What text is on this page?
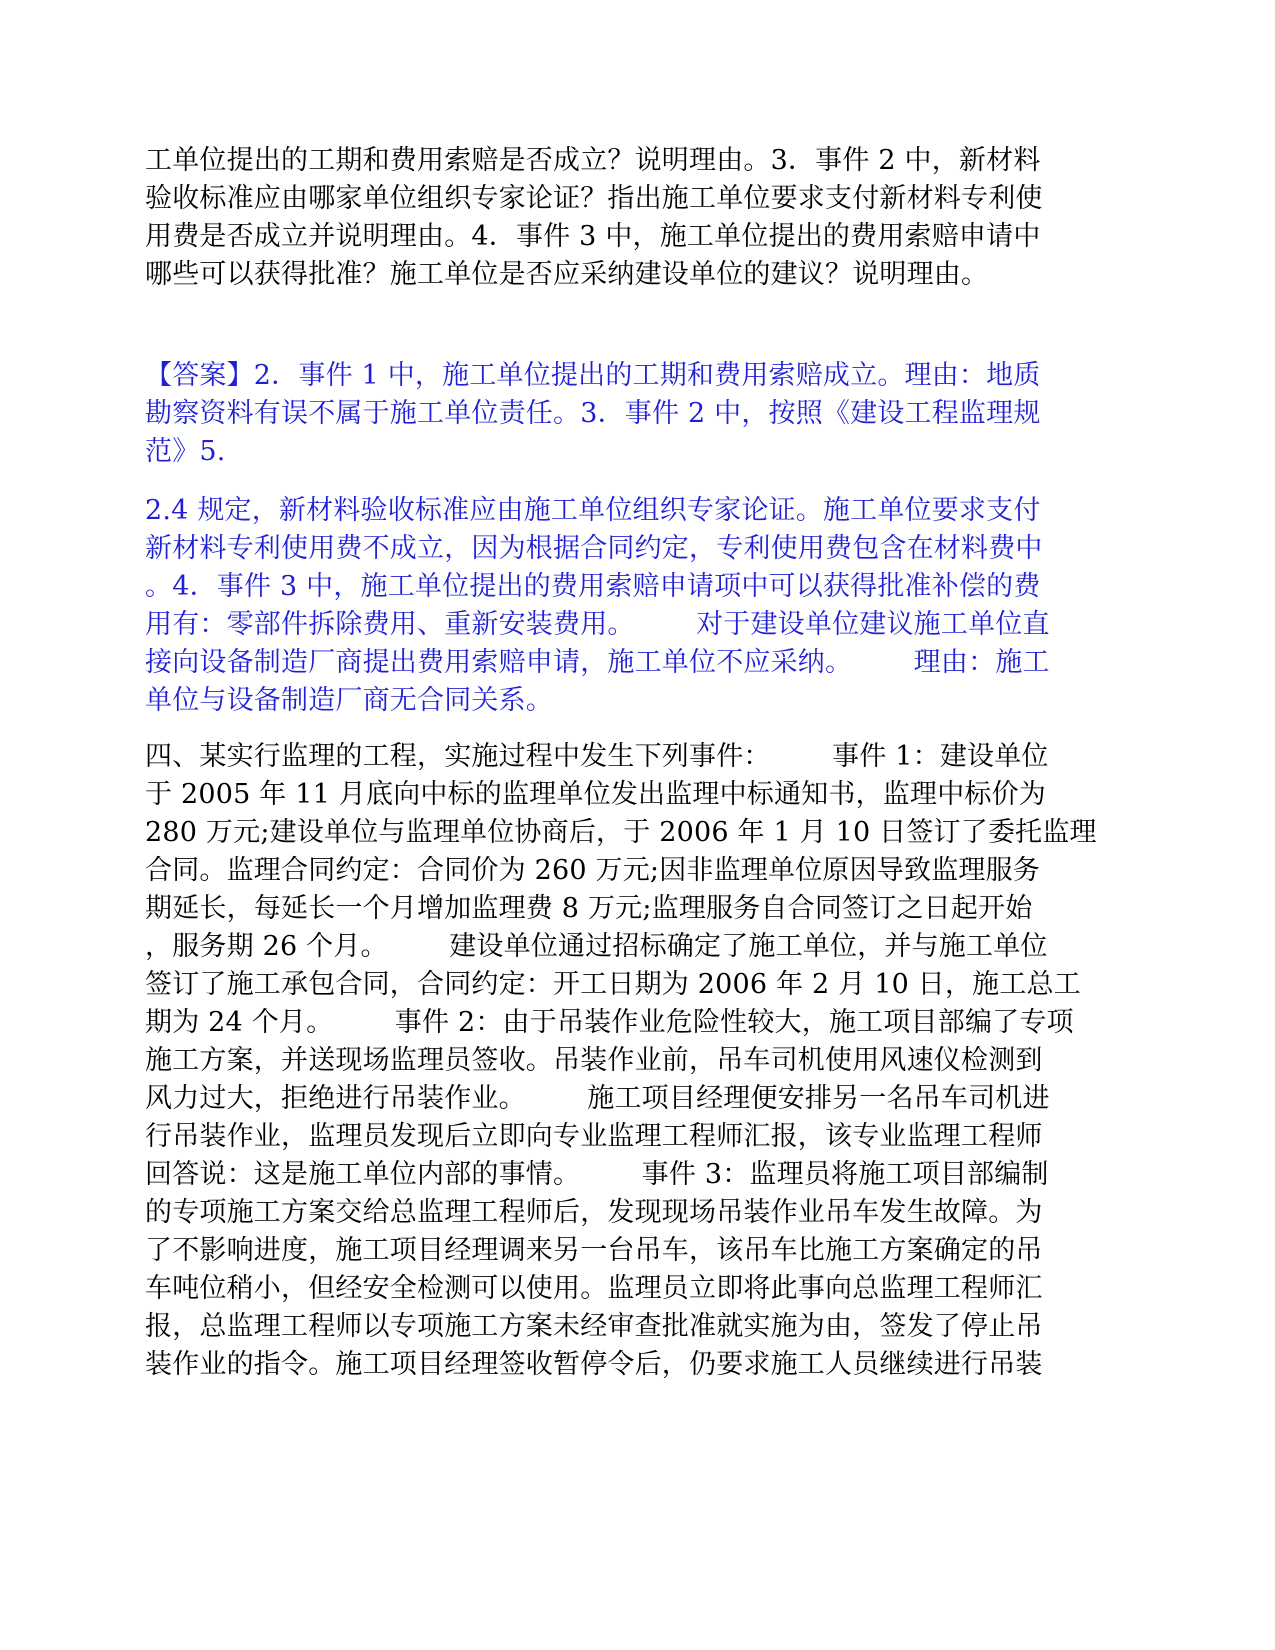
工单位提出的工期和费用索赔是否成立？说明理由。3．事件 2 中，新材料
验收标准应由哪家单位组织专家论证？指出施工单位要求支付新材料专利使
用费是否成立并说明理由。4．事件 3 中，施工单位提出的费用索赔申请中
哪些可以获得批准？施工单位是否应采纳建设单位的建议？说明理由。
【答案】2．事件 1 中，施工单位提出的工期和费用索赔成立。理由：地质
勘察资料有误不属于施工单位责任。3．事件 2 中，按照《建设工程监理规
范》5.
2.4 规定，新材料验收标准应由施工单位组织专家论证。施工单位要求支付
新材料专利使用费不成立，因为根据合同约定，专利使用费包含在材料费中
。4．事件 3 中，施工单位提出的费用索赔申请项中可以获得批准补偿的费
用有：零部件拆除费用、重新安装费用。       对于建设单位建议施工单位直
接向设备制造厂商提出费用索赔申请，施工单位不应采纳。       理由：施工
单位与设备制造厂商无合同关系。
四、某实行监理的工程，实施过程中发生下列事件：       事件 1：建设单位
于 2005 年 11 月底向中标的监理单位发出监理中标通知书，监理中标价为
280 万元;建设单位与监理单位协商后，于 2006 年 1 月 10 日签订了委托监理
合同。监理合同约定：合同价为 260 万元;因非监理单位原因导致监理服务
期延长，每延长一个月增加监理费 8 万元;监理服务自合同签订之日起开始
，服务期 26 个月。       建设单位通过招标确定了施工单位，并与施工单位
签订了施工承包合同，合同约定：开工日期为 2006 年 2 月 10 日，施工总工
期为 24 个月。       事件 2：由于吊装作业危险性较大，施工项目部编了专项
施工方案，并送现场监理员签收。吊装作业前，吊车司机使用风速仪检测到
风力过大，拒绝进行吊装作业。       施工项目经理便安排另一名吊车司机进
行吊装作业，监理员发现后立即向专业监理工程师汇报，该专业监理工程师
回答说：这是施工单位内部的事情。       事件 3：监理员将施工项目部编制
的专项施工方案交给总监理工程师后，发现现场吊装作业吊车发生故障。为
了不影响进度，施工项目经理调来另一台吊车，该吊车比施工方案确定的吊
车吨位稍小，但经安全检测可以使用。监理员立即将此事向总监理工程师汇
报，总监理工程师以专项施工方案未经审查批准就实施为由，签发了停止吊
装作业的指令。施工项目经理签收暂停令后，仍要求施工人员继续进行吊装
